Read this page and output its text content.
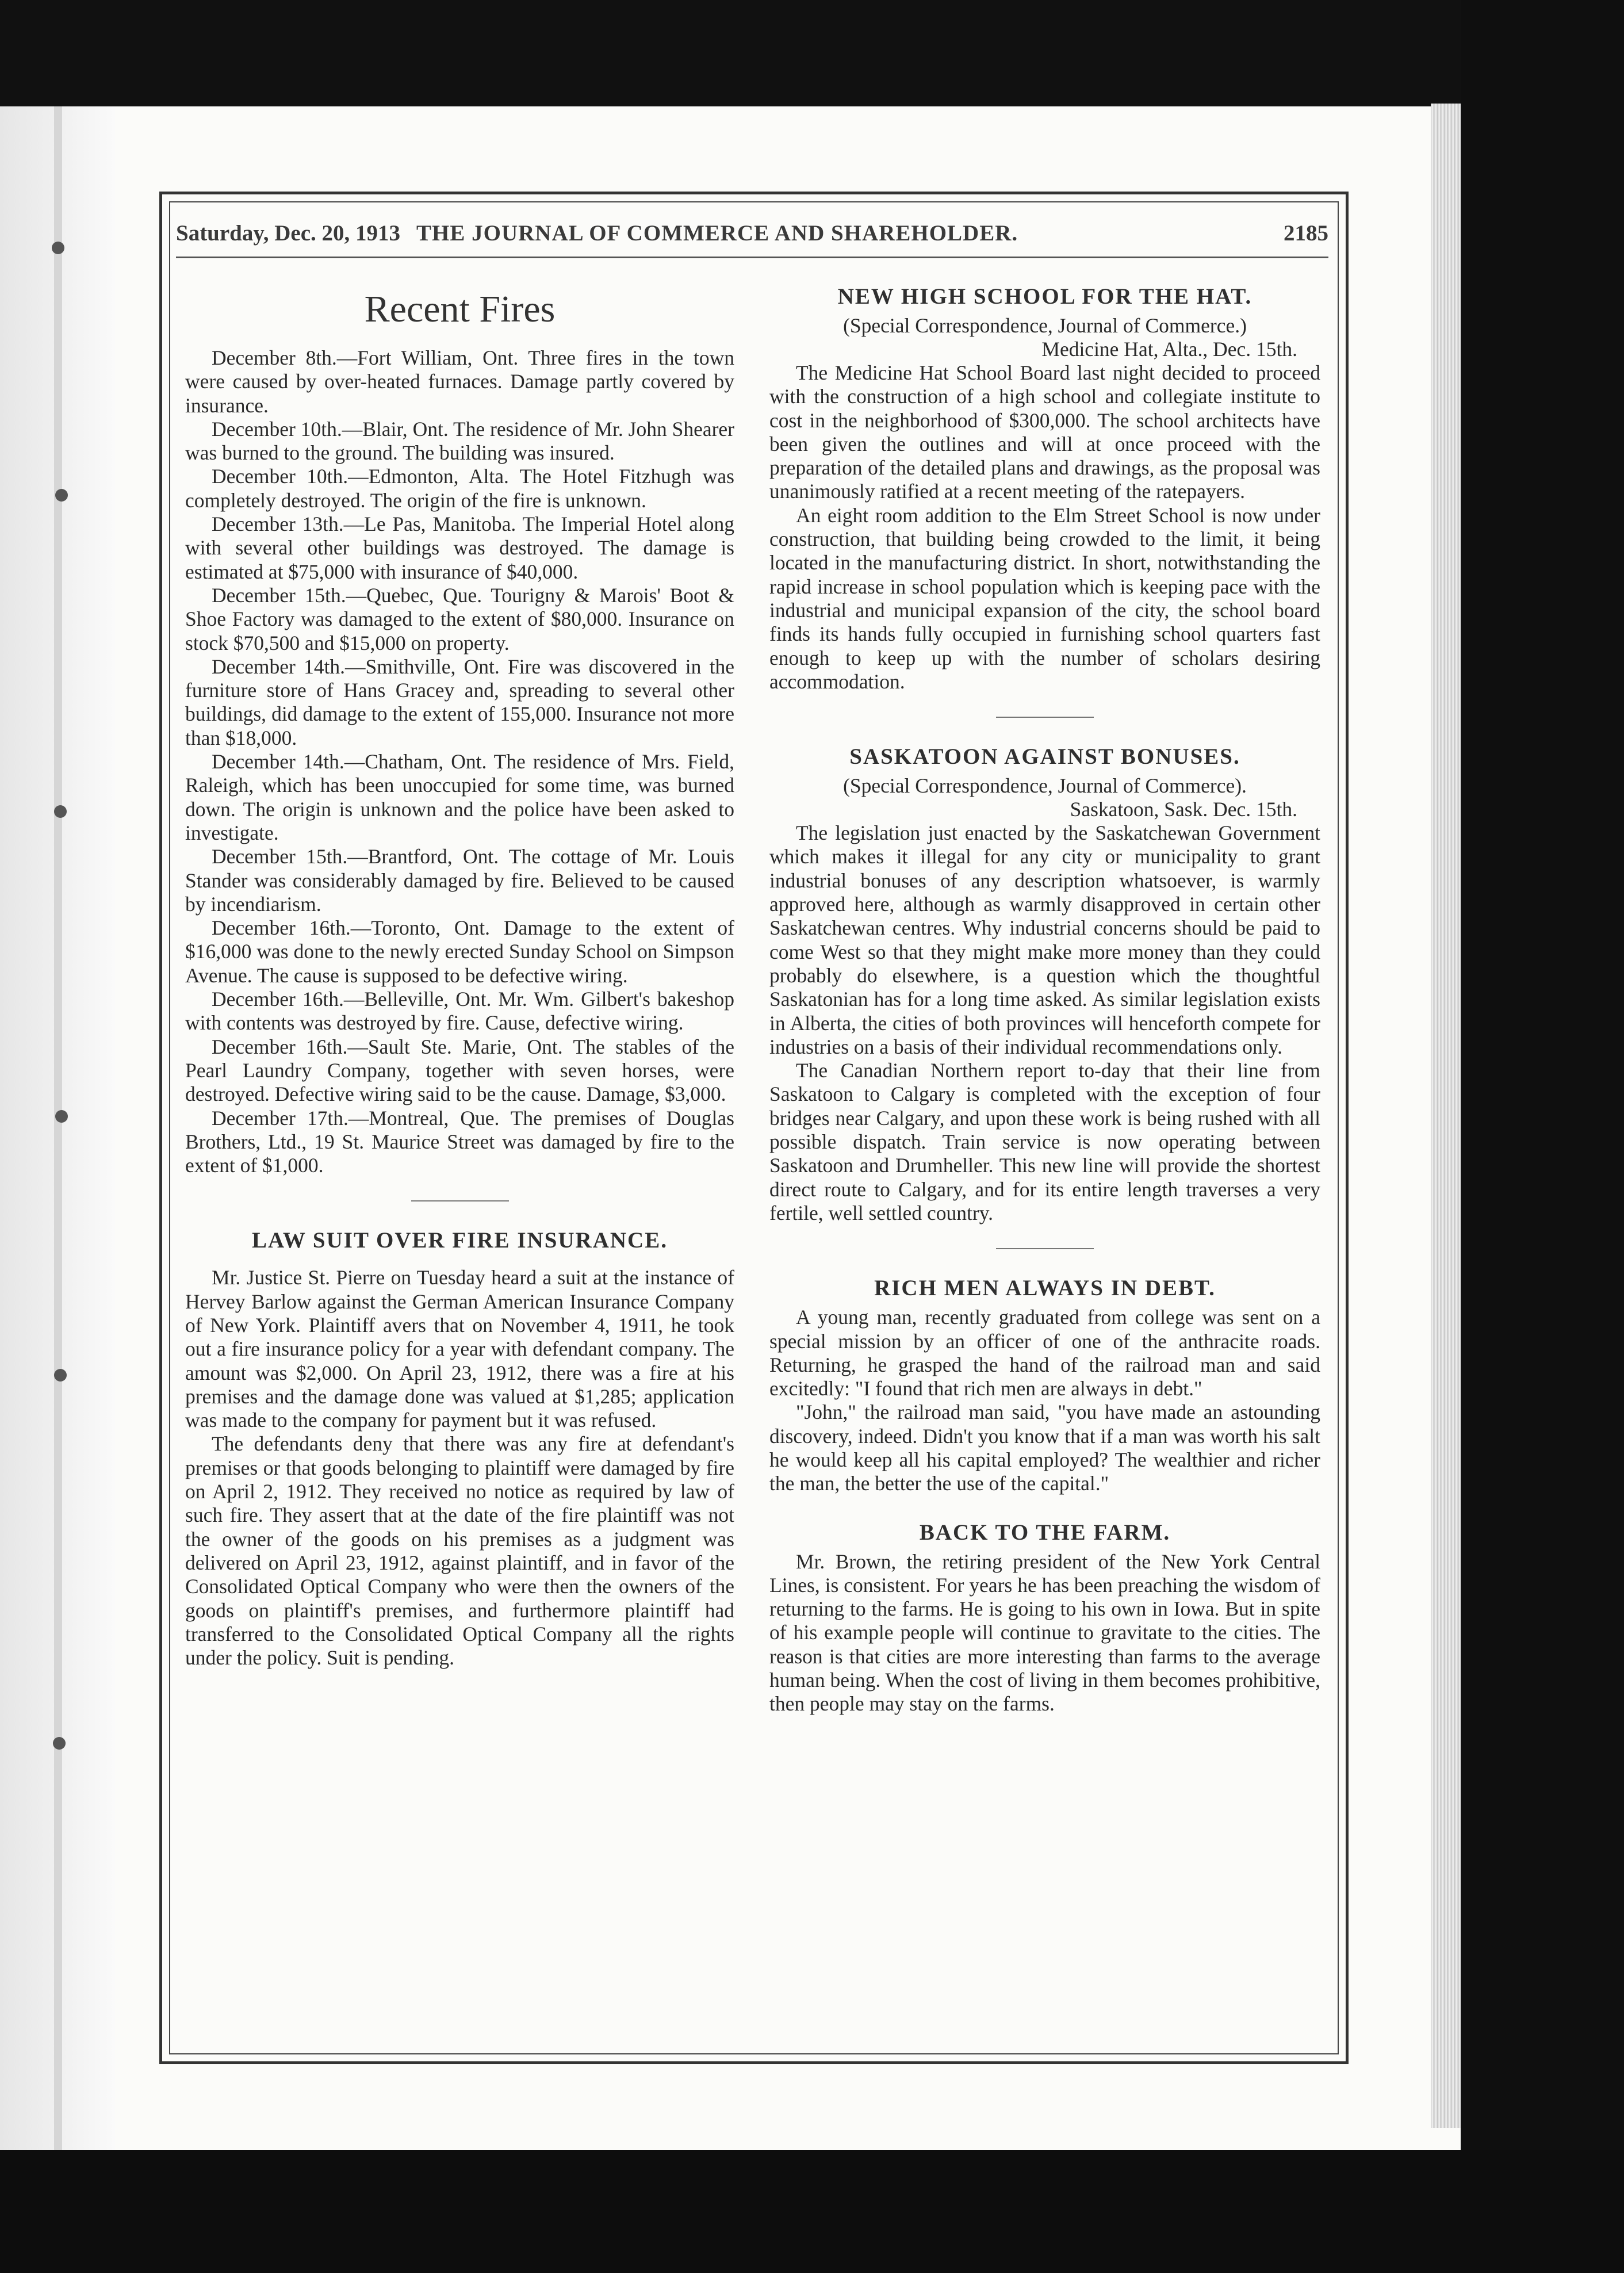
Saturday, Dec. 20, 1913 THE JOURNAL OF COMMERCE AND SHAREHOLDER.	2185
Recent Fires

December 8th.—Fort William, Ont. Three fires in the town were caused by over-heated furnaces. Damage partly covered by insurance.

December 10th.—Blair, Ont. The residence of Mr. John Shearer was burned to the ground. The building was insured.

December 10th.—Edmonton, Alta. The Hotel Fitzhugh was completely destroyed. The origin of the fire is unknown.

December 13th.—Le Pas, Manitoba. The Imperial Hotel along with several other buildings was destroyed. The damage is estimated at $75,000 with insurance of $40,000.

December 15th.—Quebec, Que. Tourigny & Marois' Boot & Shoe Factory was damaged to the extent of $80,000. Insurance on stock $70,500 and $15,000 on property.

December 14th.—Smithville, Ont. Fire was discovered in the furniture store of Hans Gracey and, spreading to several other buildings, did damage to the extent of 155,000. Insurance not more than $18,000.

December 14th.—Chatham, Ont. The residence of Mrs. Field, Raleigh, which has been unoccupied for some time, was burned down. The origin is unknown and the police have been asked to investigate.

December 15th.—Brantford, Ont. The cottage of Mr. Louis Stander was considerably damaged by fire. Believed to be caused by incendiarism.

December 16th.—Toronto, Ont. Damage to the extent of $16,000 was done to the newly erected Sunday School on Simpson Avenue. The cause is supposed to be defective wiring.

December 16th.—Belleville, Ont. Mr. Wm. Gilbert's bakeshop with contents was destroyed by fire. Cause, defective wiring.

December 16th.—Sault Ste. Marie, Ont. The stables of the Pearl Laundry Company, together with seven horses, were destroyed. Defective wiring said to be the cause. Damage, $3,000.

December 17th.—Montreal, Que. The premises of Douglas Brothers, Ltd., 19 St. Maurice Street was damaged by fire to the extent of $1,000.

LAW SUIT OVER FIRE INSURANCE.

Mr. Justice St. Pierre on Tuesday heard a suit at the instance of Hervey Barlow against the German American Insurance Company of New York. Plaintiff avers that on November 4, 1911, he took out a fire insurance policy for a year with defendant company. The amount was $2,000. On April 23, 1912, there was a fire at his premises and the damage done was valued at $1,285; application was made to the company for payment but it was refused.

The defendants deny that there was any fire at defendant's premises or that goods belonging to plaintiff were damaged by fire on April 2, 1912. They received no notice as required by law of such fire. They assert that at the date of the fire plaintiff was not the owner of the goods on his premises as a judgment was delivered on April 23, 1912, against plaintiff, and in favor of the Consolidated Optical Company who were then the owners of the goods on plaintiff's premises, and furthermore plaintiff had transferred to the Consolidated Optical Company all the rights under the policy. Suit is pending.

NEW HIGH SCHOOL FOR THE HAT.
(Special Correspondence, Journal of Commerce.)
Medicine Hat, Alta., Dec. 15th.

The Medicine Hat School Board last night decided to proceed with the construction of a high school and collegiate institute to cost in the neighborhood of $300,000. The school architects have been given the outlines and will at once proceed with the preparation of the detailed plans and drawings, as the proposal was unanimously ratified at a recent meeting of the ratepayers.

An eight room addition to the Elm Street School is now under construction, that building being crowded to the limit, it being located in the manufacturing district. In short, notwithstanding the rapid increase in school population which is keeping pace with the industrial and municipal expansion of the city, the school board finds its hands fully occupied in furnishing school quarters fast enough to keep up with the number of scholars desiring accommodation.

SASKATOON AGAINST BONUSES.
(Special Correspondence, Journal of Commerce).
Saskatoon, Sask. Dec. 15th.

The legislation just enacted by the Saskatchewan Government which makes it illegal for any city or municipality to grant industrial bonuses of any description whatsoever, is warmly approved here, although as warmly disapproved in certain other Saskatchewan centres. Why industrial concerns should be paid to come West so that they might make more money than they could probably do elsewhere, is a question which the thoughtful Saskatonian has for a long time asked. As similar legislation exists in Alberta, the cities of both provinces will henceforth compete for industries on a basis of their individual recommendations only.

The Canadian Northern report to-day that their line from Saskatoon to Calgary is completed with the exception of four bridges near Calgary, and upon these work is being rushed with all possible dispatch. Train service is now operating between Saskatoon and Drumheller. This new line will provide the shortest direct route to Calgary, and for its entire length traverses a very fertile, well settled country.

RICH MEN ALWAYS IN DEBT.

A young man, recently graduated from college was sent on a special mission by an officer of one of the anthracite roads. Returning, he grasped the hand of the railroad man and said excitedly: "I found that rich men are always in debt."

"John," the railroad man said, "you have made an astounding discovery, indeed. Didn't you know that if a man was worth his salt he would keep all his capital employed? The wealthier and richer the man, the better the use of the capital."

BACK TO THE FARM.

Mr. Brown, the retiring president of the New York Central Lines, is consistent. For years he has been preaching the wisdom of returning to the farms. He is going to his own in Iowa. But in spite of his example people will continue to gravitate to the cities. The reason is that cities are more interesting than farms to the average human being. When the cost of living in them becomes prohibitive, then people may stay on the farms.
